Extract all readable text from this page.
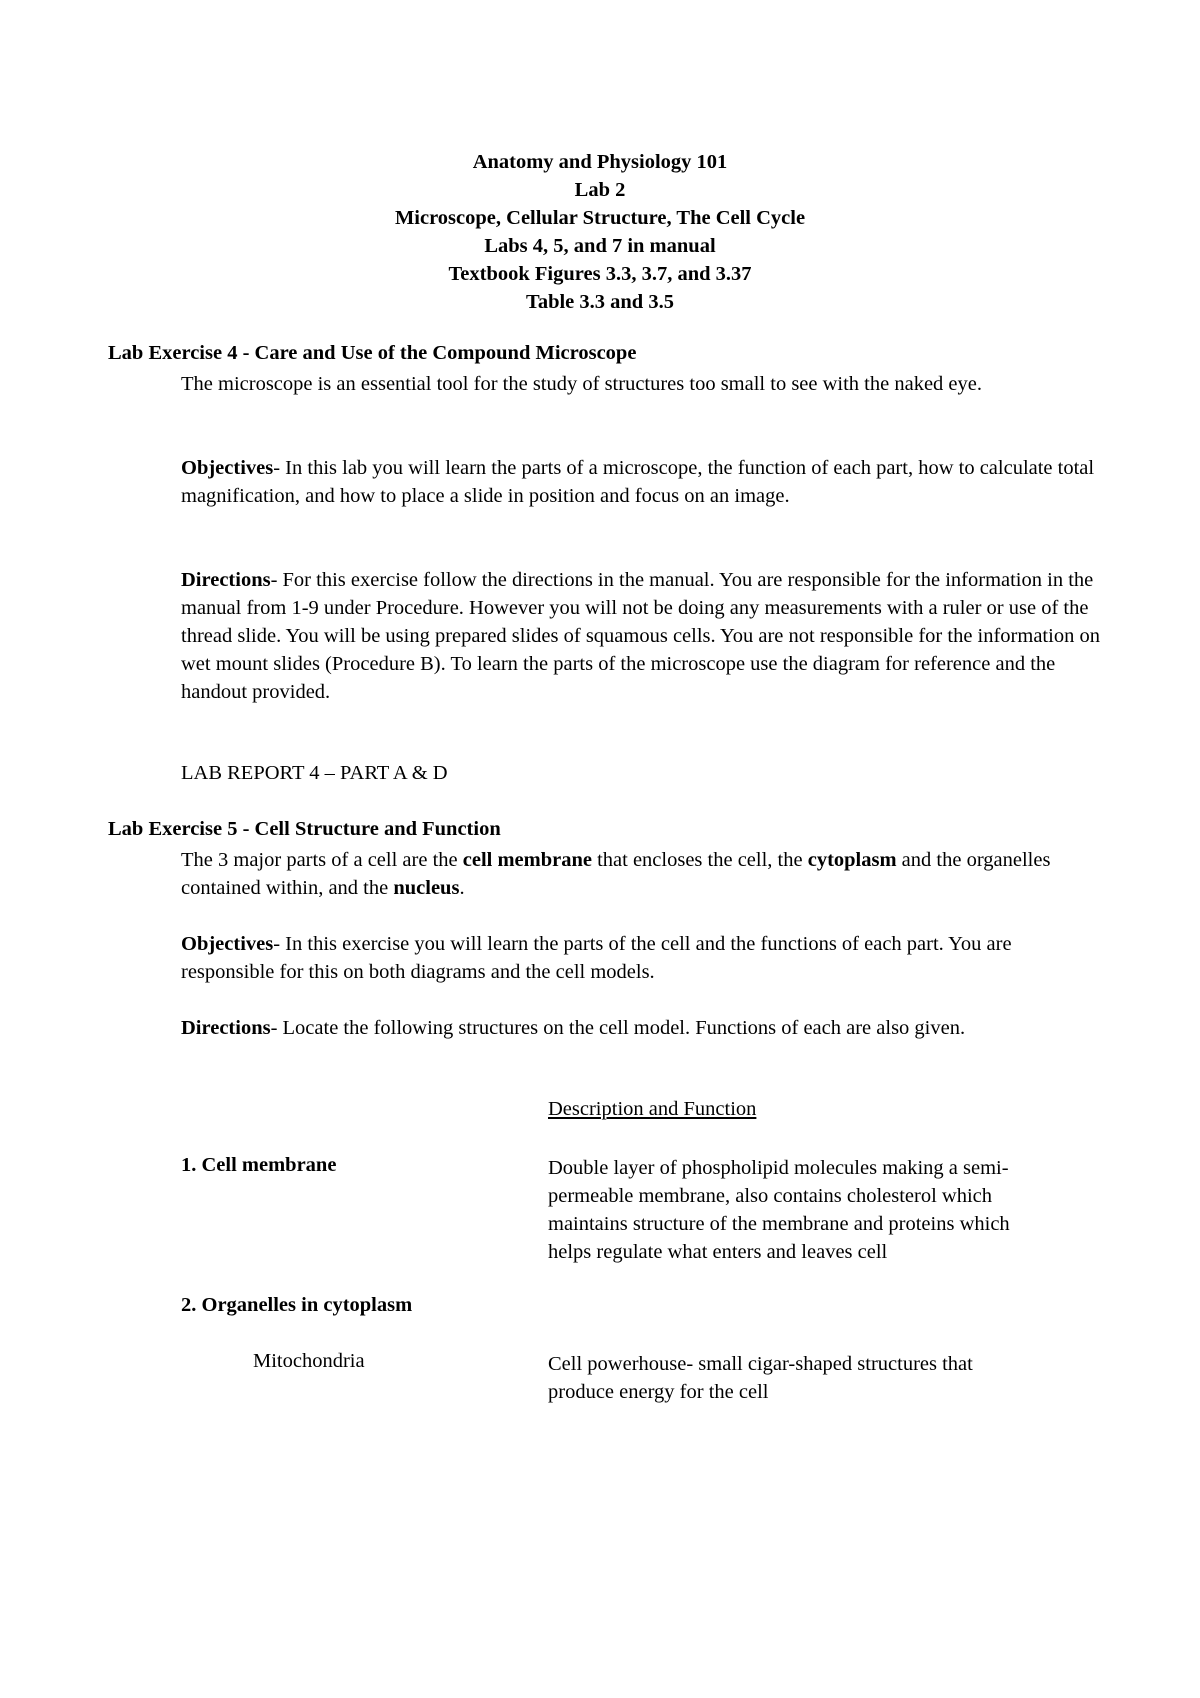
Anatomy and Physiology 101
Lab 2
Microscope, Cellular Structure, The Cell Cycle
Labs 4, 5, and 7 in manual
Textbook Figures 3.3, 3.7, and 3.37
Table 3.3 and 3.5
Lab Exercise 4 - Care and Use of the Compound Microscope
The microscope is an essential tool for the study of structures too small to see with the naked eye.
Objectives- In this lab you will learn the parts of a microscope, the function of each part, how to calculate total magnification, and how to place a slide in position and focus on an image.
Directions- For this exercise follow the directions in the manual. You are responsible for the information in the manual from 1-9 under Procedure. However you will not be doing any measurements with a ruler or use of the thread slide. You will be using prepared slides of squamous cells. You are not responsible for the information on wet mount slides (Procedure B). To learn the parts of the microscope use the diagram for reference and the handout provided.
LAB REPORT 4 – PART A & D
Lab Exercise 5 - Cell Structure and Function
The 3 major parts of a cell are the cell membrane that encloses the cell, the cytoplasm and the organelles contained within, and the nucleus.
Objectives- In this exercise you will learn the parts of the cell and the functions of each part. You are responsible for this on both diagrams and the cell models.
Directions- Locate the following structures on the cell model. Functions of each are also given.
Description and Function
1. Cell membrane	Double layer of phospholipid molecules making a semi-
permeable membrane, also contains cholesterol which
maintains structure of the membrane and proteins which
helps regulate what enters and leaves cell
2. Organelles in cytoplasm
Mitochondria	Cell powerhouse- small cigar-shaped structures that
produce energy for the cell
